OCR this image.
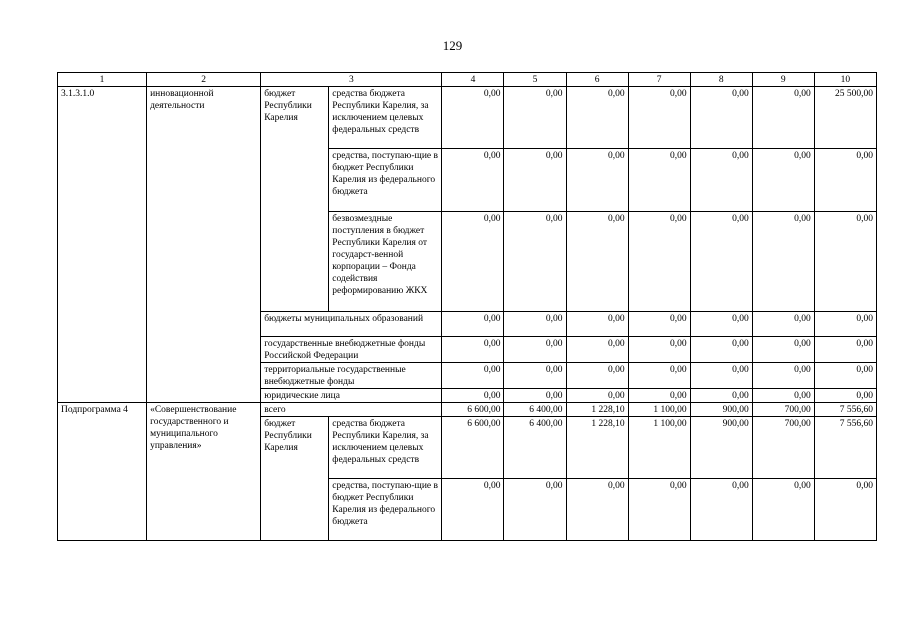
129
1	2	3		4	5	6	7	8	9	10
3.1.3.1.0	инновационной деятельности	бюджет Республики Карелия	средства бюджета Республики Карелия, за исключением целевых федеральных средств	0,00	0,00	0,00	0,00	0,00	0,00	25 500,00
			средства, поступаю-щие в бюджет Республики Карелия из федерального бюджета	0,00	0,00	0,00	0,00	0,00	0,00	0,00
			безвозмездные поступления в бюджет Республики Карелия от государст-венной корпорации – Фонда содействия реформированию ЖКХ	0,00	0,00	0,00	0,00	0,00	0,00	0,00
		бюджеты муниципальных образований		0,00	0,00	0,00	0,00	0,00	0,00	0,00
		государственные внебюджетные фонды Российской Федерации		0,00	0,00	0,00	0,00	0,00	0,00	0,00
		территориальные государственные внебюджетные фонды		0,00	0,00	0,00	0,00	0,00	0,00	0,00
		юридические лица		0,00	0,00	0,00	0,00	0,00	0,00	0,00
Подпрограмма 4	«Совершенствование государственного и муниципального управления»	всего		6 600,00	6 400,00	1 228,10	1 100,00	900,00	700,00	7 556,60
		бюджет Республики Карелия	средства бюджета Республики Карелия, за исключением целевых федеральных средств	6 600,00	6 400,00	1 228,10	1 100,00	900,00	700,00	7 556,60
			средства, поступаю-щие в бюджет Республики Карелия из федерального бюджета	0,00	0,00	0,00	0,00	0,00	0,00	0,00
